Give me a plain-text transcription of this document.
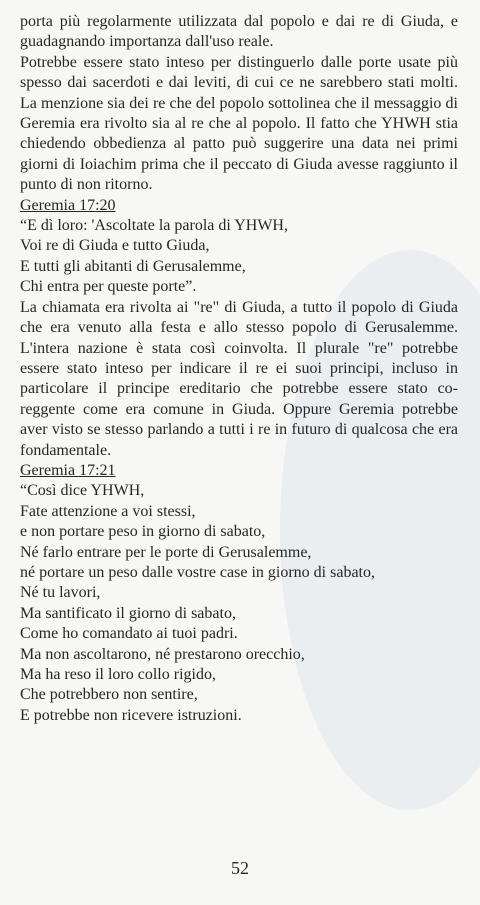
porta più regolarmente utilizzata dal popolo e dai re di Giuda, e guadagnando importanza dall'uso reale.

Potrebbe essere stato inteso per distinguerlo dalle porte usate più spesso dai sacerdoti e dai leviti, di cui ce ne sarebbero stati molti. La menzione sia dei re che del popolo sottolinea che il messaggio di Geremia era rivolto sia al re che al popolo. Il fatto che YHWH stia chiedendo obbedienza al patto può suggerire una data nei primi giorni di Ioiachim prima che il peccato di Giuda avesse raggiunto il punto di non ritorno.

Geremia 17:20

“E dì loro: 'Ascoltate la parola di YHWH,

Voi re di Giuda e tutto Giuda,

E tutti gli abitanti di Gerusalemme,

Chi entra per queste porte”.

La chiamata era rivolta ai "re" di Giuda, a tutto il popolo di Giuda che era venuto alla festa e allo stesso popolo di Gerusalemme. L'intera nazione è stata così coinvolta. Il plurale "re" potrebbe essere stato inteso per indicare il re ei suoi principi, incluso in particolare il principe ereditario che potrebbe essere stato co-reggente come era comune in Giuda. Oppure Geremia potrebbe aver visto se stesso parlando a tutti i re in futuro di qualcosa che era fondamentale.

Geremia 17:21

“Così dice YHWH,

Fate attenzione a voi stessi,

e non portare peso in giorno di sabato,

Né farlo entrare per le porte di Gerusalemme,

né portare un peso dalle vostre case in giorno di sabato,

Né tu lavori,

Ma santificato il giorno di sabato,

Come ho comandato ai tuoi padri.

Ma non ascoltarono, né prestarono orecchio,

Ma ha reso il loro collo rigido,

Che potrebbero non sentire,

E potrebbe non ricevere istruzioni.

52
